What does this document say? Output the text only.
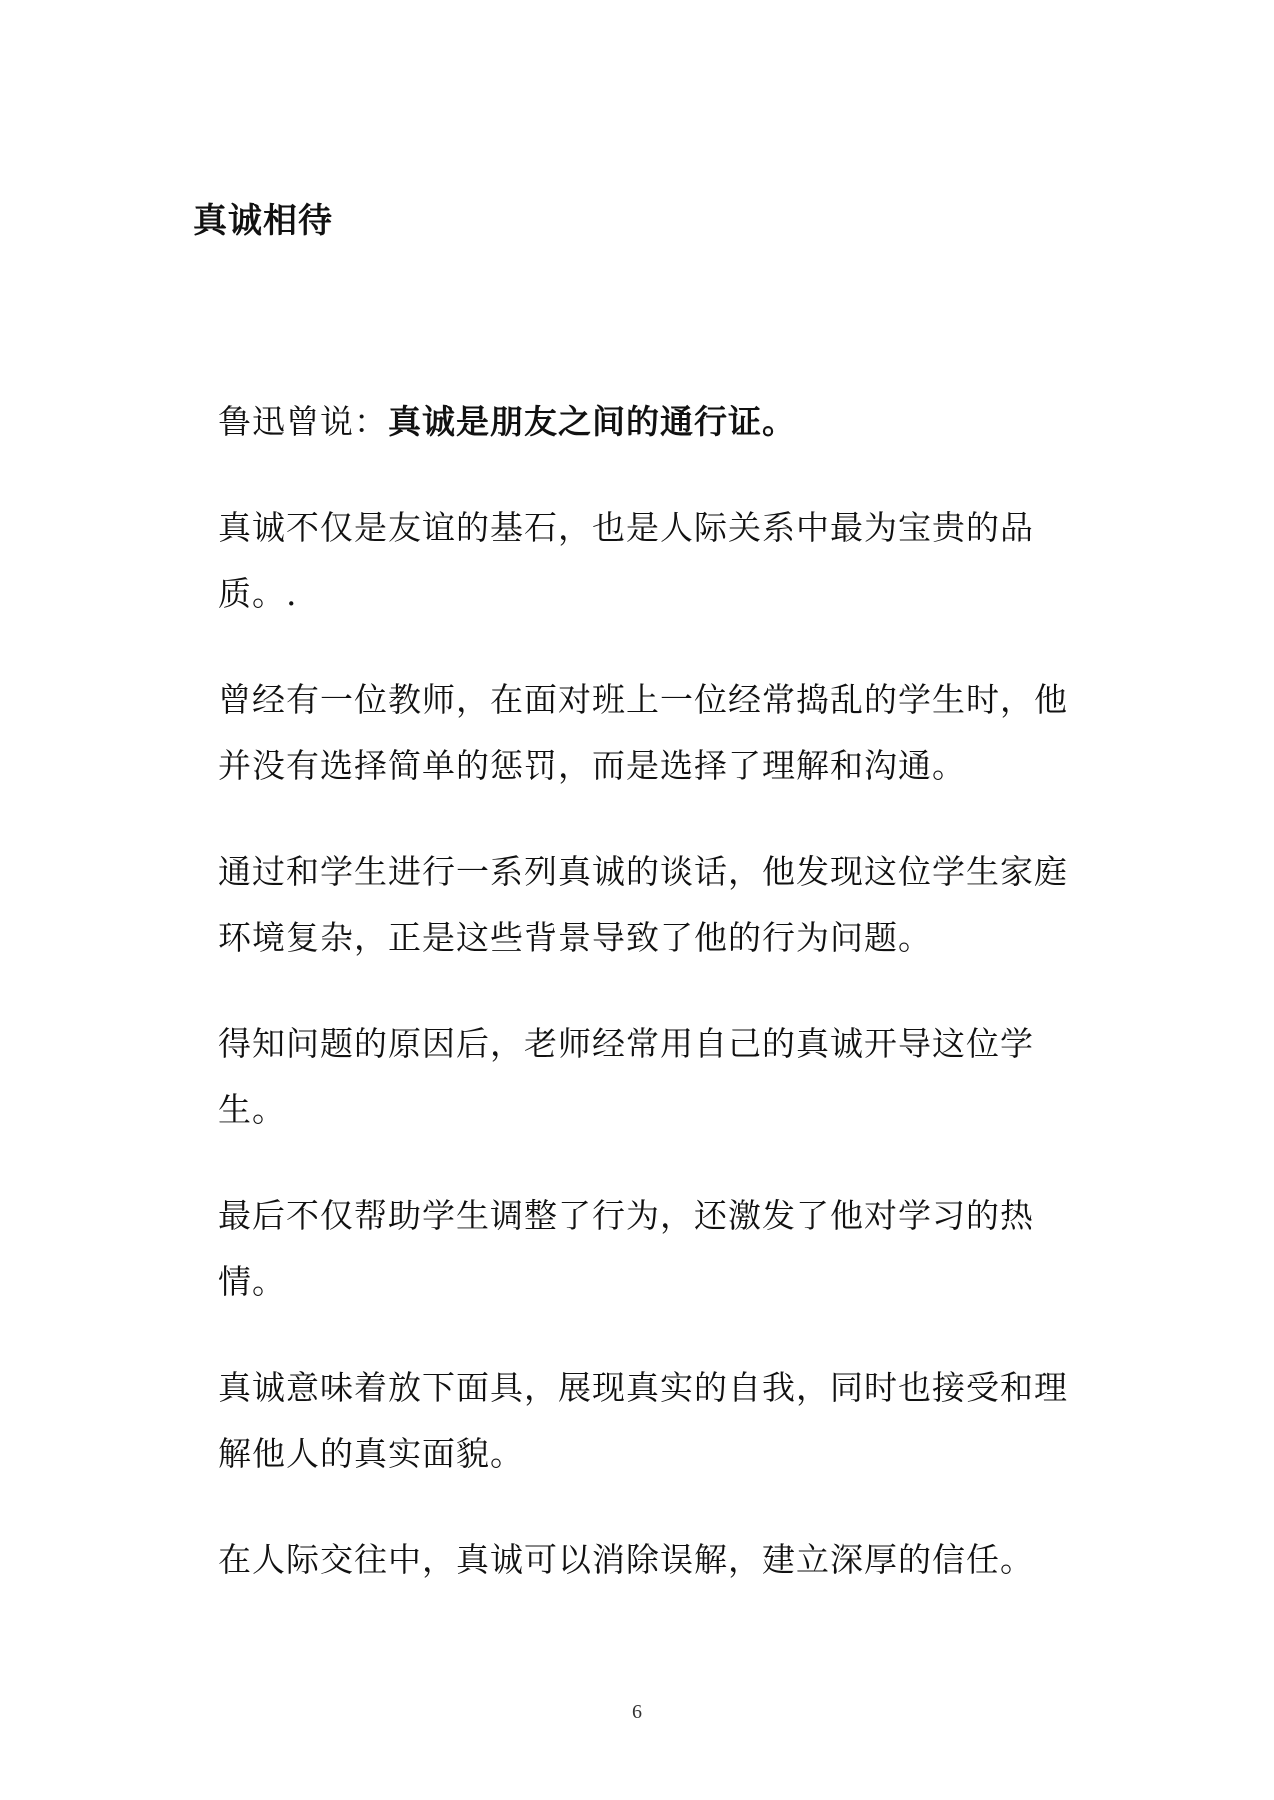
真诚相待

鲁迅曾说：真诚是朋友之间的通行证。

真诚不仅是友谊的基石，也是人际关系中最为宝贵的品质。.

曾经有一位教师，在面对班上一位经常捣乱的学生时，他并没有选择简单的惩罚，而是选择了理解和沟通。

通过和学生进行一系列真诚的谈话，他发现这位学生家庭环境复杂，正是这些背景导致了他的行为问题。

得知问题的原因后，老师经常用自己的真诚开导这位学生。

最后不仅帮助学生调整了行为，还激发了他对学习的热情。

真诚意味着放下面具，展现真实的自我，同时也接受和理解他人的真实面貌。

在人际交往中，真诚可以消除误解，建立深厚的信任。

6
